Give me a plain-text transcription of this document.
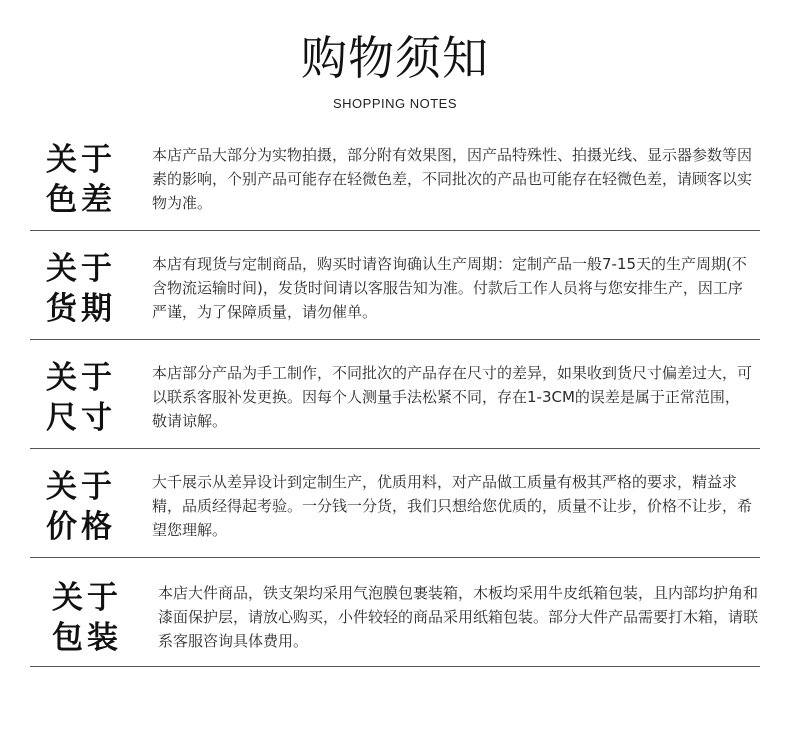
购物须知
SHOPPING NOTES
关于
色差
本店产品大部分为实物拍摄，部分附有效果图，因产品特殊性、拍摄光线、显示器参数等因素的影响，个别产品可能存在轻微色差，不同批次的产品也可能存在轻微色差，请顾客以实物为准。
关于
货期
本店有现货与定制商品，购买时请咨询确认生产周期：定制产品一般7-15天的生产周期(不含物流运输时间)，发货时间请以客服告知为准。付款后工作人员将与您安排生产，因工序严谨，为了保障质量，请勿催单。
关于
尺寸
本店部分产品为手工制作，不同批次的产品存在尺寸的差异，如果收到货尺寸偏差过大，可以联系客服补发更换。因每个人测量手法松紧不同，存在1-3CM的误差是属于正常范围，敬请谅解。
关于
价格
大千展示从差异设计到定制生产，优质用料，对产品做工质量有极其严格的要求，精益求精，品质经得起考验。一分钱一分货，我们只想给您优质的，质量不让步，价格不让步，希望您理解。
关于
包装
本店大件商品，铁支架均采用气泡膜包裹装箱，木板均采用牛皮纸箱包装，且内部均护角和漆面保护层，请放心购买，小件较轻的商品采用纸箱包装。部分大件产品需要打木箱，请联系客服咨询具体费用。
